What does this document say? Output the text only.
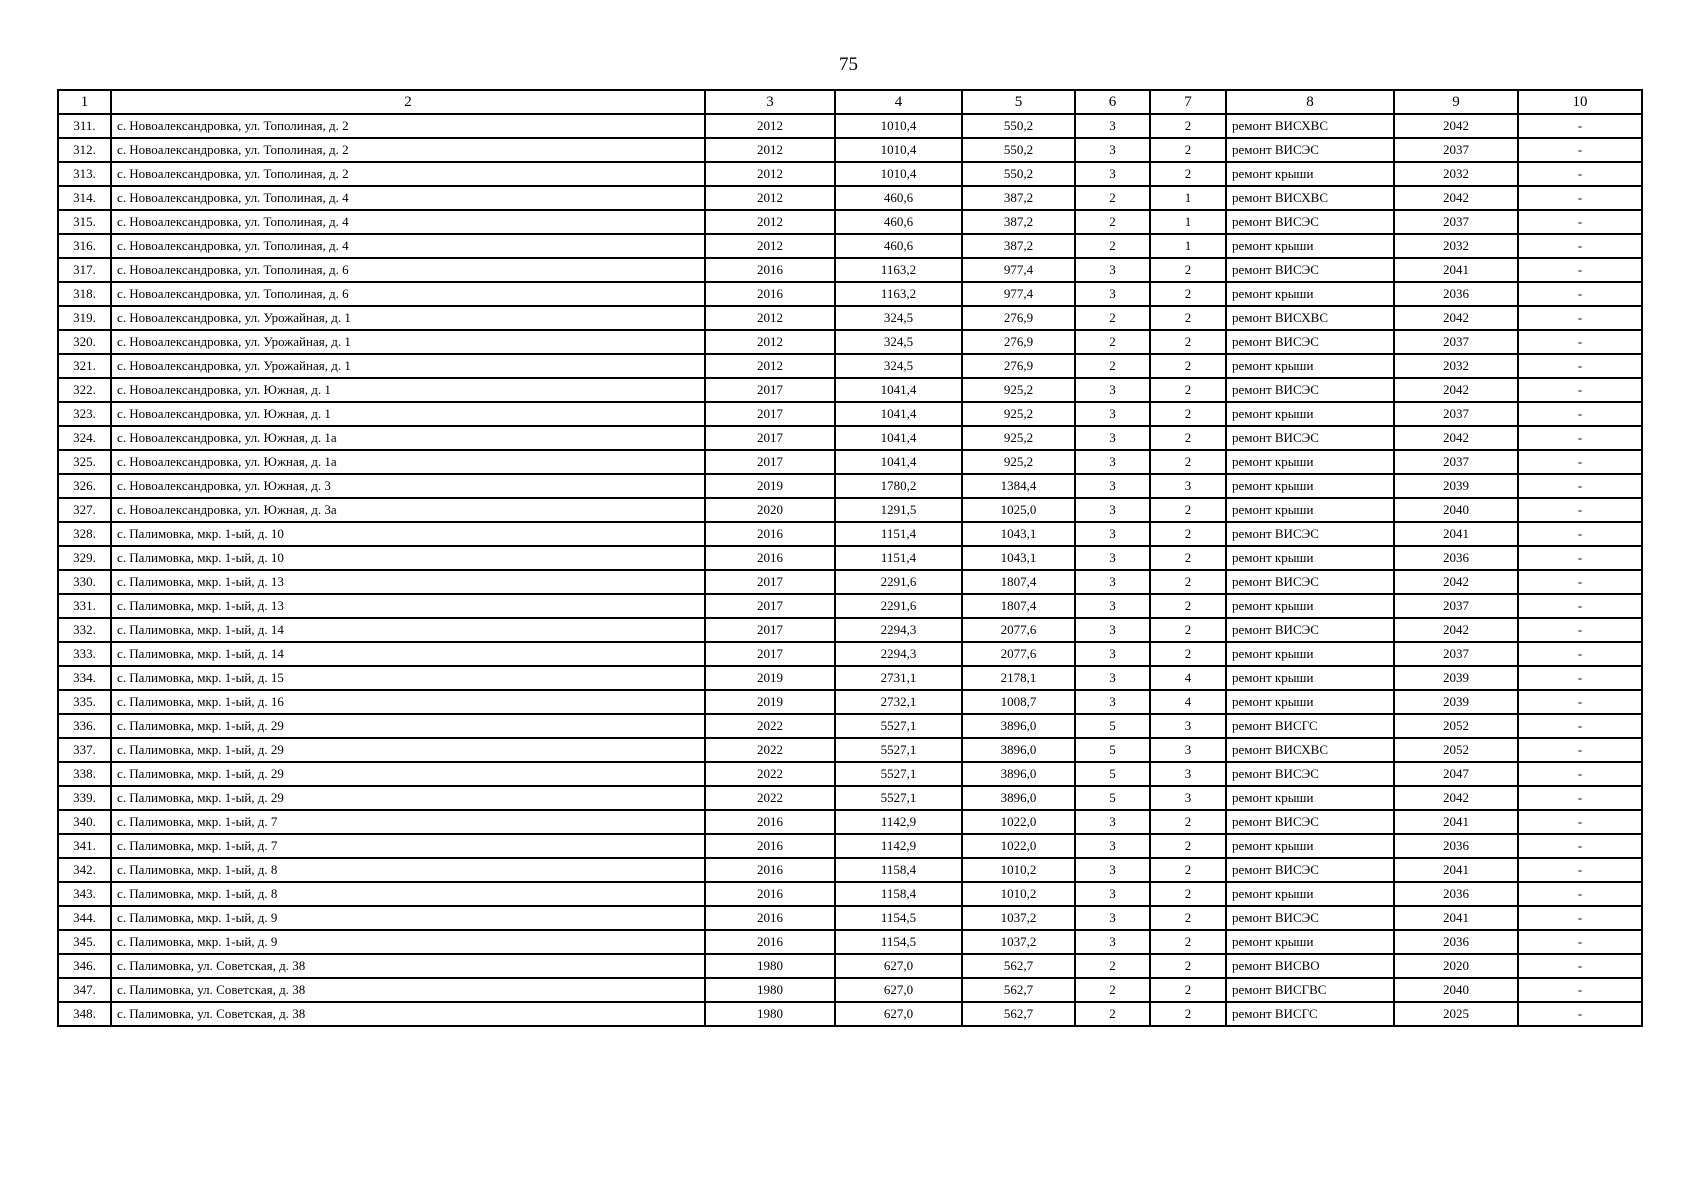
75
1	2	3	4	5	6	7	8	9	10
311.	с. Новоалександровка, ул. Тополиная, д. 2	2012	1010,4	550,2	3	2	ремонт ВИСХВС	2042	-
312.	с. Новоалександровка, ул. Тополиная, д. 2	2012	1010,4	550,2	3	2	ремонт ВИСЭС	2037	-
313.	с. Новоалександровка, ул. Тополиная, д. 2	2012	1010,4	550,2	3	2	ремонт крыши	2032	-
314.	с. Новоалександровка, ул. Тополиная, д. 4	2012	460,6	387,2	2	1	ремонт ВИСХВС	2042	-
315.	с. Новоалександровка, ул. Тополиная, д. 4	2012	460,6	387,2	2	1	ремонт ВИСЭС	2037	-
316.	с. Новоалександровка, ул. Тополиная, д. 4	2012	460,6	387,2	2	1	ремонт крыши	2032	-
317.	с. Новоалександровка, ул. Тополиная, д. 6	2016	1163,2	977,4	3	2	ремонт ВИСЭС	2041	-
318.	с. Новоалександровка, ул. Тополиная, д. 6	2016	1163,2	977,4	3	2	ремонт крыши	2036	-
319.	с. Новоалександровка, ул. Урожайная, д. 1	2012	324,5	276,9	2	2	ремонт ВИСХВС	2042	-
320.	с. Новоалександровка, ул. Урожайная, д. 1	2012	324,5	276,9	2	2	ремонт ВИСЭС	2037	-
321.	с. Новоалександровка, ул. Урожайная, д. 1	2012	324,5	276,9	2	2	ремонт крыши	2032	-
322.	с. Новоалександровка, ул. Южная, д. 1	2017	1041,4	925,2	3	2	ремонт ВИСЭС	2042	-
323.	с. Новоалександровка, ул. Южная, д. 1	2017	1041,4	925,2	3	2	ремонт крыши	2037	-
324.	с. Новоалександровка, ул. Южная, д. 1а	2017	1041,4	925,2	3	2	ремонт ВИСЭС	2042	-
325.	с. Новоалександровка, ул. Южная, д. 1а	2017	1041,4	925,2	3	2	ремонт крыши	2037	-
326.	с. Новоалександровка, ул. Южная, д. 3	2019	1780,2	1384,4	3	3	ремонт крыши	2039	-
327.	с. Новоалександровка, ул. Южная, д. 3а	2020	1291,5	1025,0	3	2	ремонт крыши	2040	-
328.	с. Палимовка, мкр. 1-ый, д. 10	2016	1151,4	1043,1	3	2	ремонт ВИСЭС	2041	-
329.	с. Палимовка, мкр. 1-ый, д. 10	2016	1151,4	1043,1	3	2	ремонт крыши	2036	-
330.	с. Палимовка, мкр. 1-ый, д. 13	2017	2291,6	1807,4	3	2	ремонт ВИСЭС	2042	-
331.	с. Палимовка, мкр. 1-ый, д. 13	2017	2291,6	1807,4	3	2	ремонт крыши	2037	-
332.	с. Палимовка, мкр. 1-ый, д. 14	2017	2294,3	2077,6	3	2	ремонт ВИСЭС	2042	-
333.	с. Палимовка, мкр. 1-ый, д. 14	2017	2294,3	2077,6	3	2	ремонт крыши	2037	-
334.	с. Палимовка, мкр. 1-ый, д. 15	2019	2731,1	2178,1	3	4	ремонт крыши	2039	-
335.	с. Палимовка, мкр. 1-ый, д. 16	2019	2732,1	1008,7	3	4	ремонт крыши	2039	-
336.	с. Палимовка, мкр. 1-ый, д. 29	2022	5527,1	3896,0	5	3	ремонт ВИСГС	2052	-
337.	с. Палимовка, мкр. 1-ый, д. 29	2022	5527,1	3896,0	5	3	ремонт ВИСХВС	2052	-
338.	с. Палимовка, мкр. 1-ый, д. 29	2022	5527,1	3896,0	5	3	ремонт ВИСЭС	2047	-
339.	с. Палимовка, мкр. 1-ый, д. 29	2022	5527,1	3896,0	5	3	ремонт крыши	2042	-
340.	с. Палимовка, мкр. 1-ый, д. 7	2016	1142,9	1022,0	3	2	ремонт ВИСЭС	2041	-
341.	с. Палимовка, мкр. 1-ый, д. 7	2016	1142,9	1022,0	3	2	ремонт крыши	2036	-
342.	с. Палимовка, мкр. 1-ый, д. 8	2016	1158,4	1010,2	3	2	ремонт ВИСЭС	2041	-
343.	с. Палимовка, мкр. 1-ый, д. 8	2016	1158,4	1010,2	3	2	ремонт крыши	2036	-
344.	с. Палимовка, мкр. 1-ый, д. 9	2016	1154,5	1037,2	3	2	ремонт ВИСЭС	2041	-
345.	с. Палимовка, мкр. 1-ый, д. 9	2016	1154,5	1037,2	3	2	ремонт крыши	2036	-
346.	с. Палимовка, ул. Советская, д. 38	1980	627,0	562,7	2	2	ремонт ВИСВО	2020	-
347.	с. Палимовка, ул. Советская, д. 38	1980	627,0	562,7	2	2	ремонт ВИСГВС	2040	-
348.	с. Палимовка, ул. Советская, д. 38	1980	627,0	562,7	2	2	ремонт ВИСГС	2025	-
